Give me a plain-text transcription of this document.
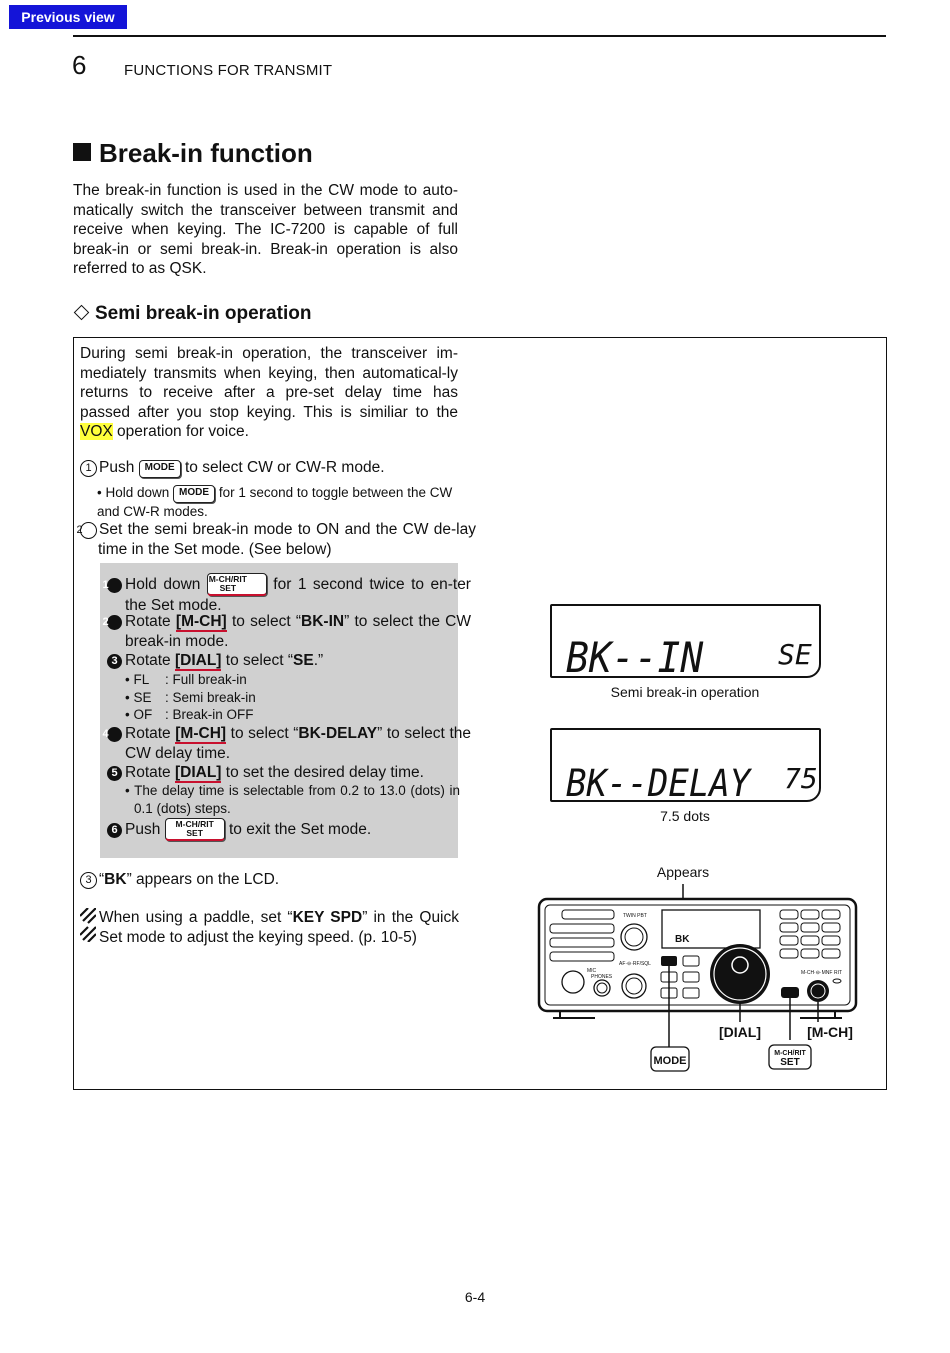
Previous view
6	FUNCTIONS FOR TRANSMIT
Break-in function
The break-in function is used in the CW mode to auto-matically switch the transceiver between transmit and receive when keying. The IC-7200 is capable of full break-in or semi break-in. Break-in operation is also referred to as QSK.
Semi break-in operation
During semi break-in operation, the transceiver im-mediately transmits when keying, then automatical-ly returns to receive after a pre-set delay time has passed after you stop keying. This is similiar to the VOX operation for voice.
1 Push MODE to select CW or CW-R mode.
• Hold down MODE for 1 second to toggle between the CW and CW-R modes.
2 Set the semi break-in mode to ON and the CW de-lay time in the Set mode. (See below)
1 Hold down M-CH/RIT
SET	for 1 second twice to en-ter the Set mode.
2 Rotate [M-CH] to select “BK-IN” to select the CW break-in mode.
3 Rotate [DIAL] to select “SE.”
• FL : Full break-in
• SE : Semi break-in
• OF : Break-in OFF
4 Rotate [M-CH] to select “BK-DELAY” to select the CW delay time.
5 Rotate [DIAL] to set the desired delay time.
• The delay time is selectable from 0.2 to 13.0 (dots) in 0.1 (dots) steps.
6 Push	M-CH/RIT
SET	to exit the Set mode.
3 “BK” appears on the LCD.
When using a paddle, set “KEY SPD” in the Quick Set mode to adjust the keying speed. (p. 10-5)
BK--IN	SE
Semi break-in operation
BK--DELAY 75
7.5 dots
Appears
MIC
PHONES
TWIN PBT
AF·⊖·RF/SQL
BK
M-CH·⊖·MNF RIT
[DIAL]	[M-CH]
MODE
M-CH/RIT
SET
6-4
